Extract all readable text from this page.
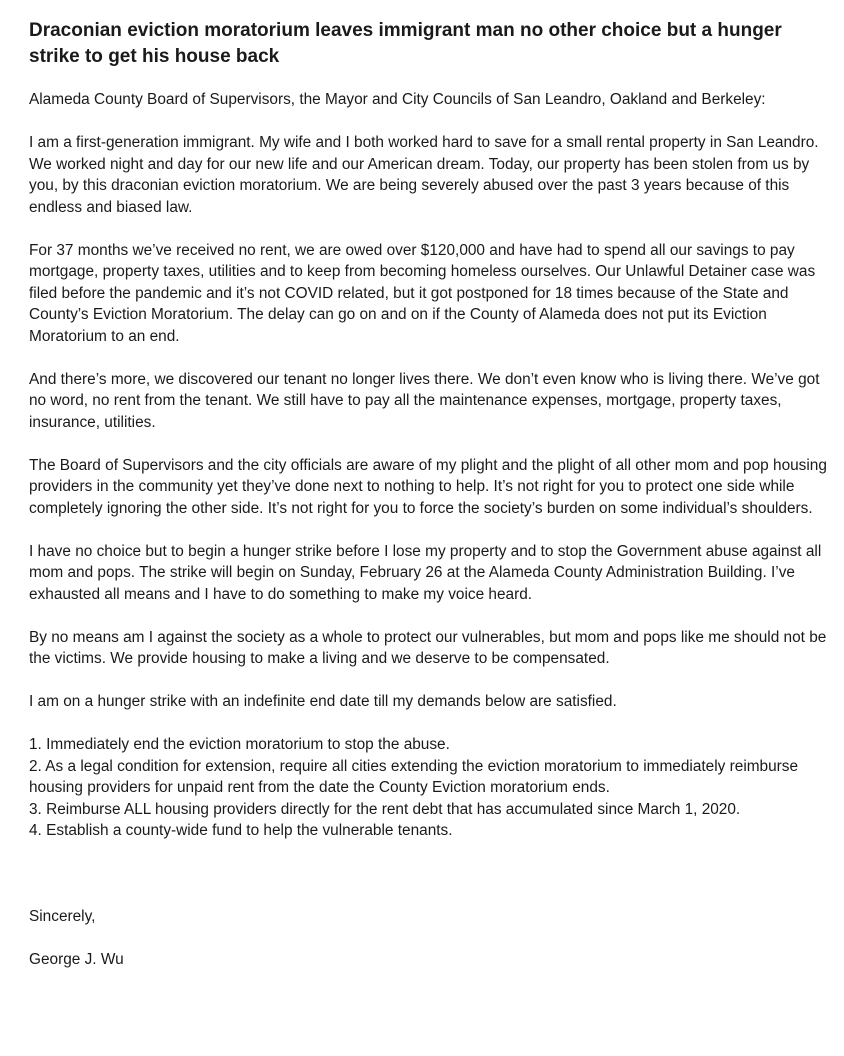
Draconian eviction moratorium leaves immigrant man no other choice but a hunger strike to get his house back

Alameda County Board of Supervisors, the Mayor and City Councils of San Leandro, Oakland and Berkeley:

I am a first-generation immigrant. My wife and I both worked hard to save for a small rental property in San Leandro. We worked night and day for our new life and our American dream. Today, our property has been stolen from us by you, by this draconian eviction moratorium. We are being severely abused over the past 3 years because of this endless and biased law.

For 37 months we’ve received no rent, we are owed over $120,000 and have had to spend all our savings to pay mortgage, property taxes, utilities and to keep from becoming homeless ourselves. Our Unlawful Detainer case was filed before the pandemic and it’s not COVID related, but it got postponed for 18 times because of the State and County’s Eviction Moratorium. The delay can go on and on if the County of Alameda does not put its Eviction Moratorium to an end.

And there’s more, we discovered our tenant no longer lives there. We don’t even know who is living there. We’ve got no word, no rent from the tenant. We still have to pay all the maintenance expenses, mortgage, property taxes, insurance, utilities.

The Board of Supervisors and the city officials are aware of my plight and the plight of all other mom and pop housing providers in the community yet they’ve done next to nothing to help. It’s not right for you to protect one side while completely ignoring the other side. It’s not right for you to force the society’s burden on some individual’s shoulders.

I have no choice but to begin a hunger strike before I lose my property and to stop the Government abuse against all mom and pops. The strike will begin on Sunday, February 26 at the Alameda County Administration Building. I’ve exhausted all means and I have to do something to make my voice heard.

By no means am I against the society as a whole to protect our vulnerables, but mom and pops like me should not be the victims. We provide housing to make a living and we deserve to be compensated.

I am on a hunger strike with an indefinite end date till my demands below are satisfied.

1. Immediately end the eviction moratorium to stop the abuse.
2. As a legal condition for extension, require all cities extending the eviction moratorium to immediately reimburse housing providers for unpaid rent from the date the County Eviction moratorium ends.
3. Reimburse ALL housing providers directly for the rent debt that has accumulated since March 1, 2020.
4. Establish a county-wide fund to help the vulnerable tenants.

Sincerely,

George J. Wu
